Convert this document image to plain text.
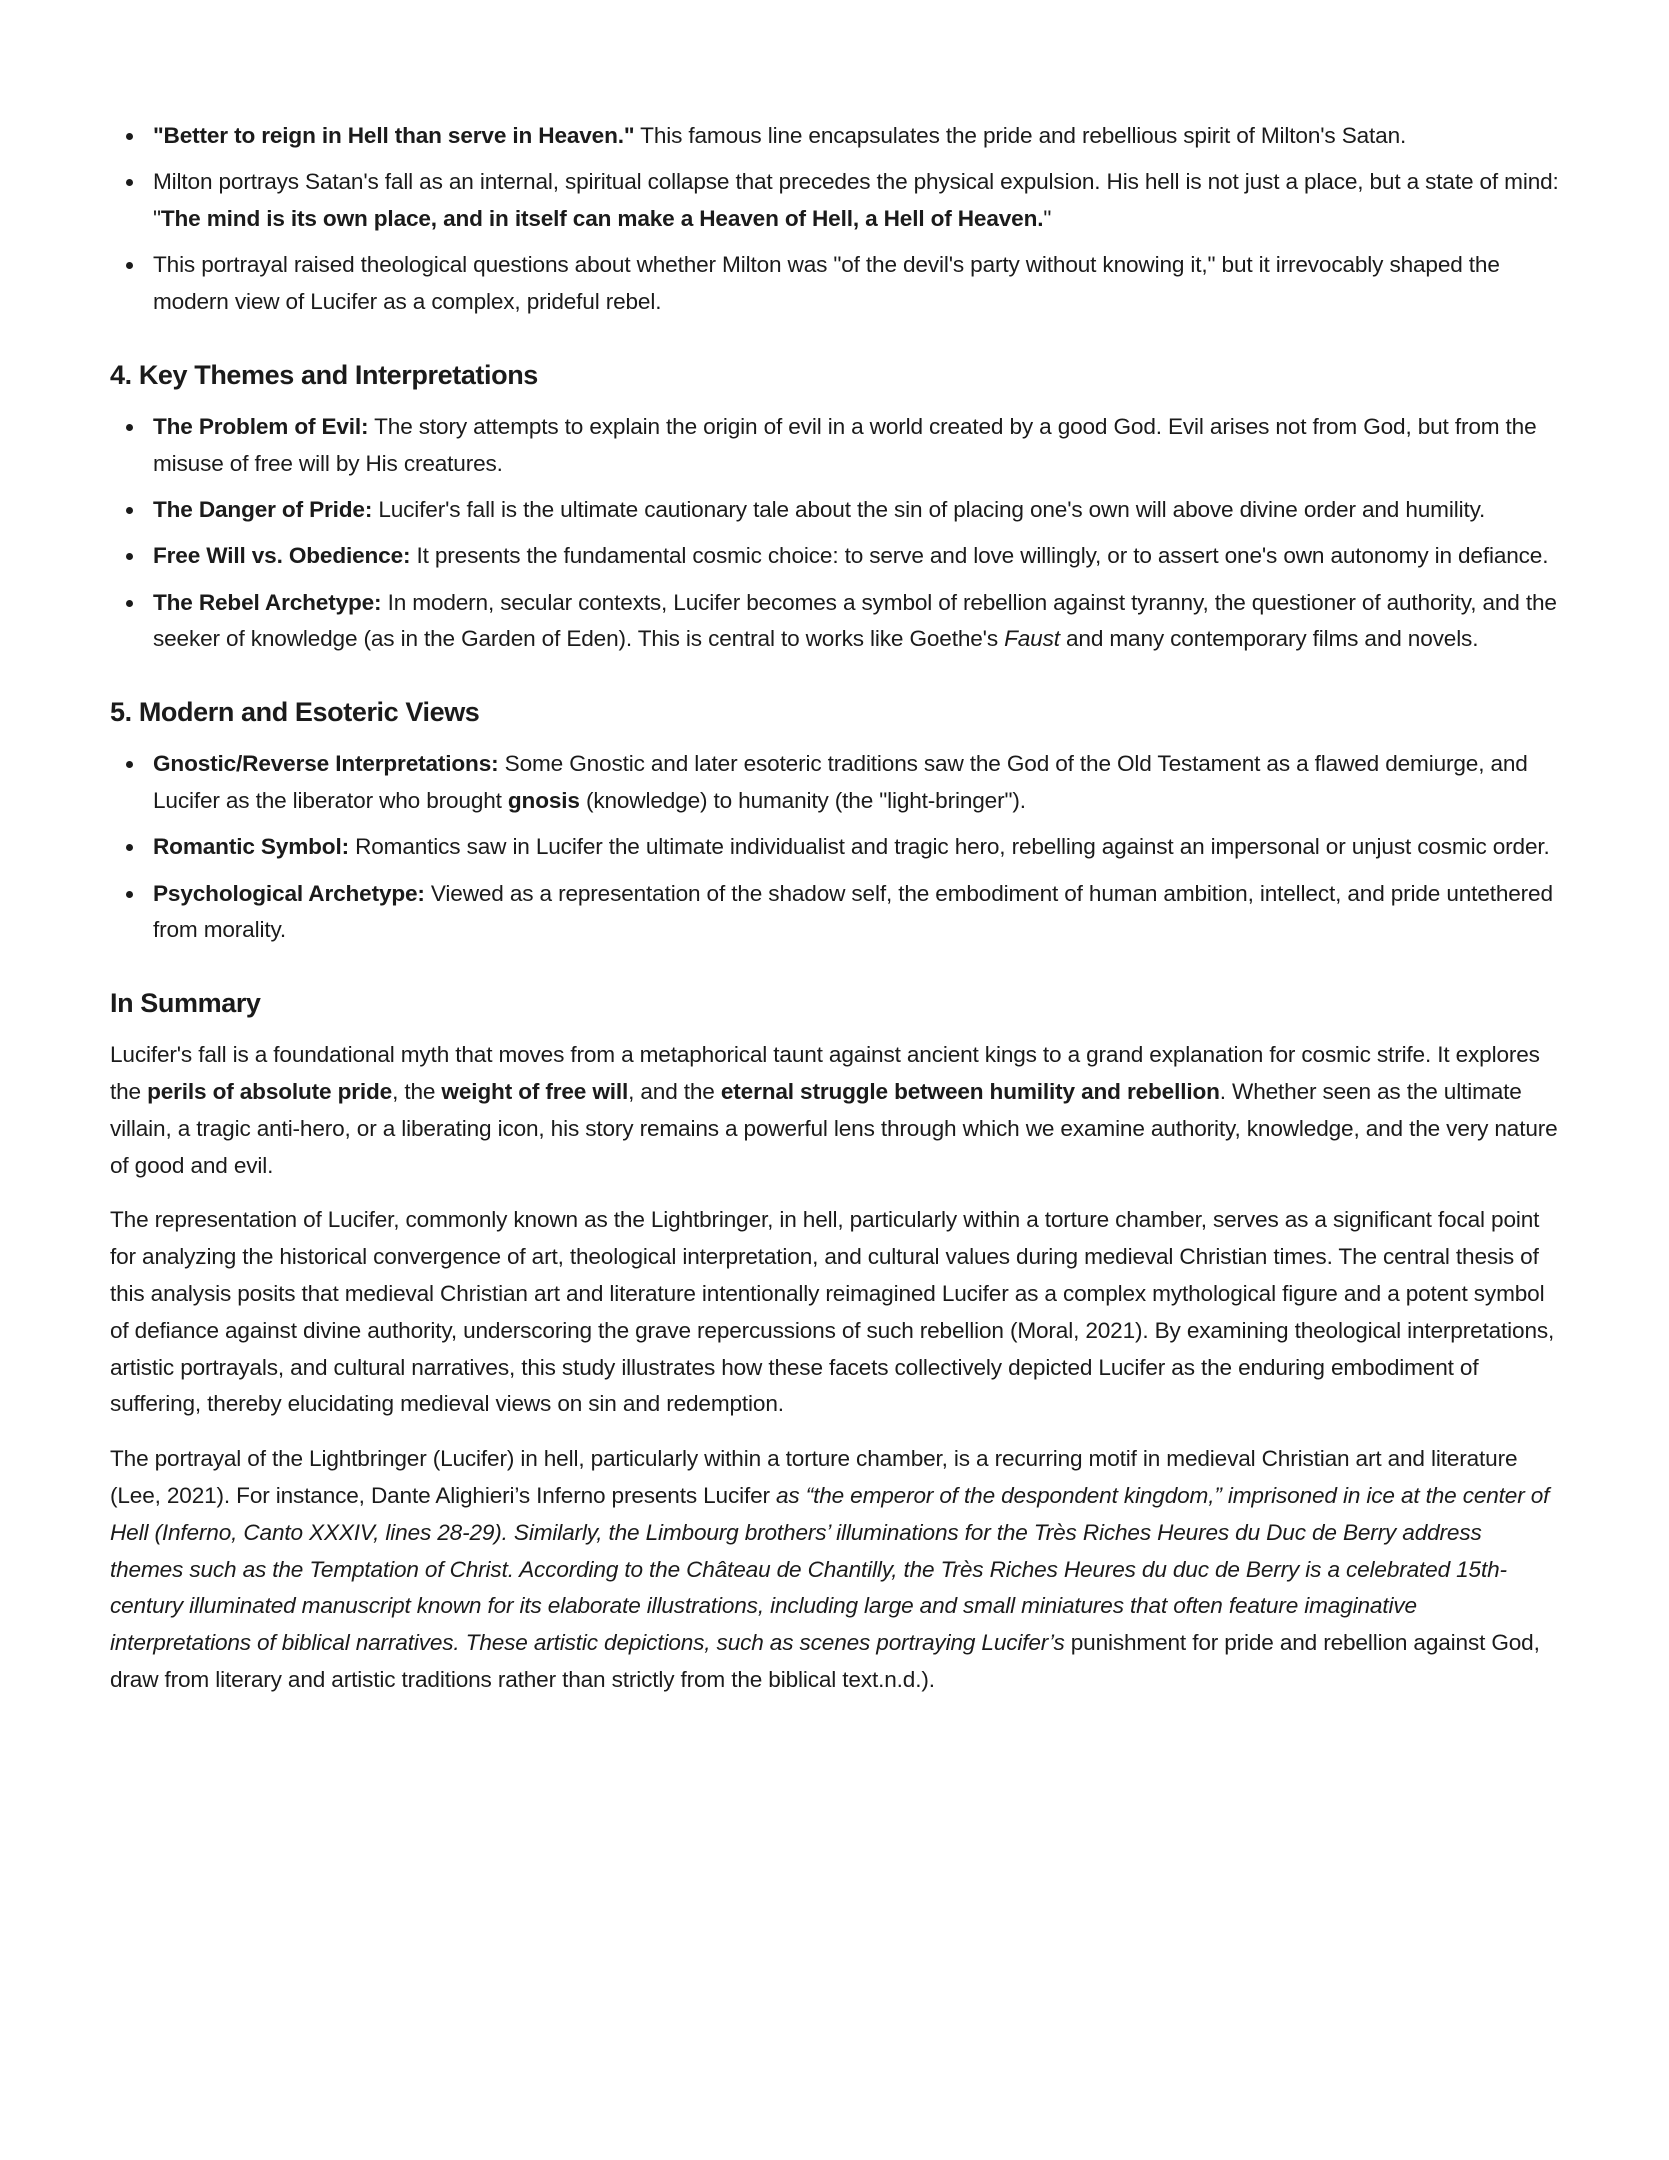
"Better to reign in Hell than serve in Heaven." This famous line encapsulates the pride and rebellious spirit of Milton's Satan.
Milton portrays Satan's fall as an internal, spiritual collapse that precedes the physical expulsion. His hell is not just a place, but a state of mind: "The mind is its own place, and in itself can make a Heaven of Hell, a Hell of Heaven."
This portrayal raised theological questions about whether Milton was "of the devil's party without knowing it," but it irrevocably shaped the modern view of Lucifer as a complex, prideful rebel.
4. Key Themes and Interpretations
The Problem of Evil: The story attempts to explain the origin of evil in a world created by a good God. Evil arises not from God, but from the misuse of free will by His creatures.
The Danger of Pride: Lucifer's fall is the ultimate cautionary tale about the sin of placing one's own will above divine order and humility.
Free Will vs. Obedience: It presents the fundamental cosmic choice: to serve and love willingly, or to assert one's own autonomy in defiance.
The Rebel Archetype: In modern, secular contexts, Lucifer becomes a symbol of rebellion against tyranny, the questioner of authority, and the seeker of knowledge (as in the Garden of Eden). This is central to works like Goethe's Faust and many contemporary films and novels.
5. Modern and Esoteric Views
Gnostic/Reverse Interpretations: Some Gnostic and later esoteric traditions saw the God of the Old Testament as a flawed demiurge, and Lucifer as the liberator who brought gnosis (knowledge) to humanity (the "light-bringer").
Romantic Symbol: Romantics saw in Lucifer the ultimate individualist and tragic hero, rebelling against an impersonal or unjust cosmic order.
Psychological Archetype: Viewed as a representation of the shadow self, the embodiment of human ambition, intellect, and pride untethered from morality.
In Summary

Lucifer's fall is a foundational myth that moves from a metaphorical taunt against ancient kings to a grand explanation for cosmic strife. It explores the perils of absolute pride, the weight of free will, and the eternal struggle between humility and rebellion. Whether seen as the ultimate villain, a tragic anti-hero, or a liberating icon, his story remains a powerful lens through which we examine authority, knowledge, and the very nature of good and evil.

The representation of Lucifer, commonly known as the Lightbringer, in hell, particularly within a torture chamber, serves as a significant focal point for analyzing the historical convergence of art, theological interpretation, and cultural values during medieval Christian times. The central thesis of this analysis posits that medieval Christian art and literature intentionally reimagined Lucifer as a complex mythological figure and a potent symbol of defiance against divine authority, underscoring the grave repercussions of such rebellion (Moral, 2021). By examining theological interpretations, artistic portrayals, and cultural narratives, this study illustrates how these facets collectively depicted Lucifer as the enduring embodiment of suffering, thereby elucidating medieval views on sin and redemption.

The portrayal of the Lightbringer (Lucifer) in hell, particularly within a torture chamber, is a recurring motif in medieval Christian art and literature (Lee, 2021). For instance, Dante Alighieri’s Inferno presents Lucifer as “the emperor of the despondent kingdom,” imprisoned in ice at the center of Hell (Inferno, Canto XXXIV, lines 28-29). Similarly, the Limbourg brothers’ illuminations for the Très Riches Heures du Duc de Berry address themes such as the Temptation of Christ. According to the Château de Chantilly, the Très Riches Heures du duc de Berry is a celebrated 15th-century illuminated manuscript known for its elaborate illustrations, including large and small miniatures that often feature imaginative interpretations of biblical narratives. These artistic depictions, such as scenes portraying Lucifer’s punishment for pride and rebellion against God, draw from literary and artistic traditions rather than strictly from the biblical text.n.d.).
